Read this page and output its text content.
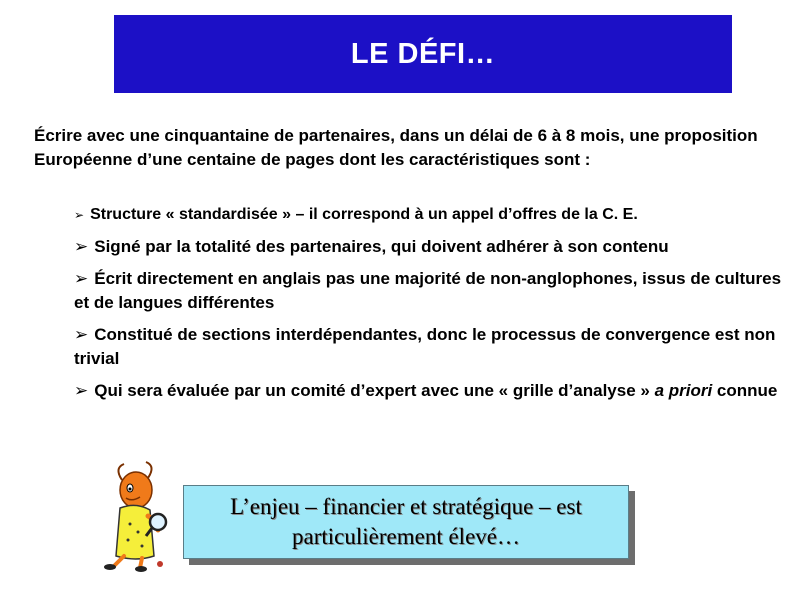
LE DÉFI…
Écrire avec une cinquantaine de partenaires, dans un délai de 6 à 8 mois, une proposition Européenne d’une centaine de pages dont les caractéristiques sont :
➢ Structure « standardisée » – il correspond à un appel d’offres de la C. E.
➢ Signé par la totalité des partenaires, qui doivent adhérer à son contenu
➢ Écrit directement en anglais pas une majorité de non-anglophones, issus de cultures et de langues différentes
➢ Constitué de sections interdépendantes, donc le processus de convergence est non trivial
➢ Qui sera évaluée par un comité d’expert avec une « grille d’analyse » a priori connue
L’enjeu – financier et stratégique – est particulièrement élevé…
